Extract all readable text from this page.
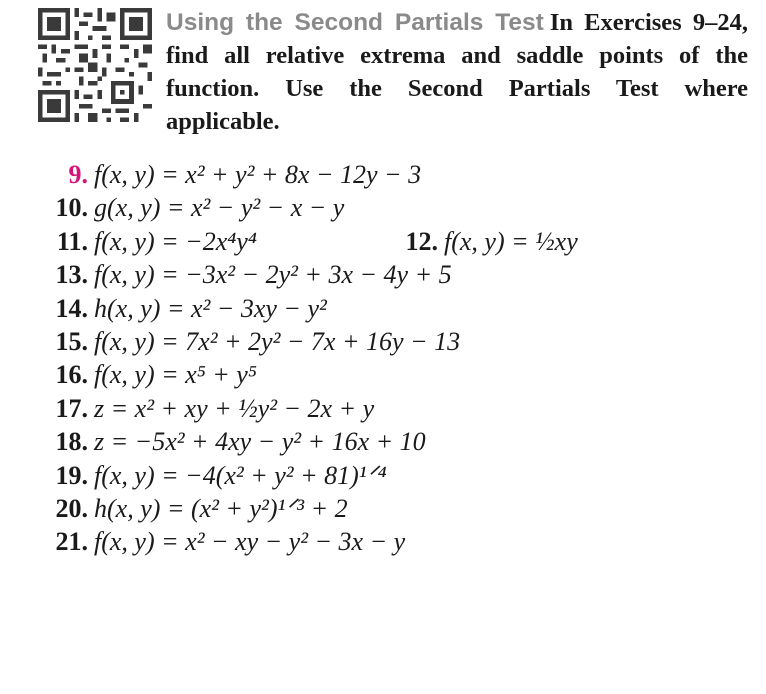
Using the Second Partials Test In Exercises 9–24, find all relative extrema and saddle points of the function. Use the Second Partials Test where applicable.
9. f(x, y) = x² + y² + 8x − 12y − 3
10. g(x, y) = x² − y² − x − y
11. f(x, y) = −2x⁴y⁴	12. f(x, y) = ½xy
13. f(x, y) = −3x² − 2y² + 3x − 4y + 5
14. h(x, y) = x² − 3xy − y²
15. f(x, y) = 7x² + 2y² − 7x + 16y − 13
16. f(x, y) = x⁵ + y⁵
17. z = x² + xy + ½y² − 2x + y
18. z = −5x² + 4xy − y² + 16x + 10
19. f(x, y) = −4(x² + y² + 81)¹ᐟ⁴
20. h(x, y) = (x² + y²)¹ᐟ³ + 2
21. f(x, y) = x² − xy − y² − 3x − y
